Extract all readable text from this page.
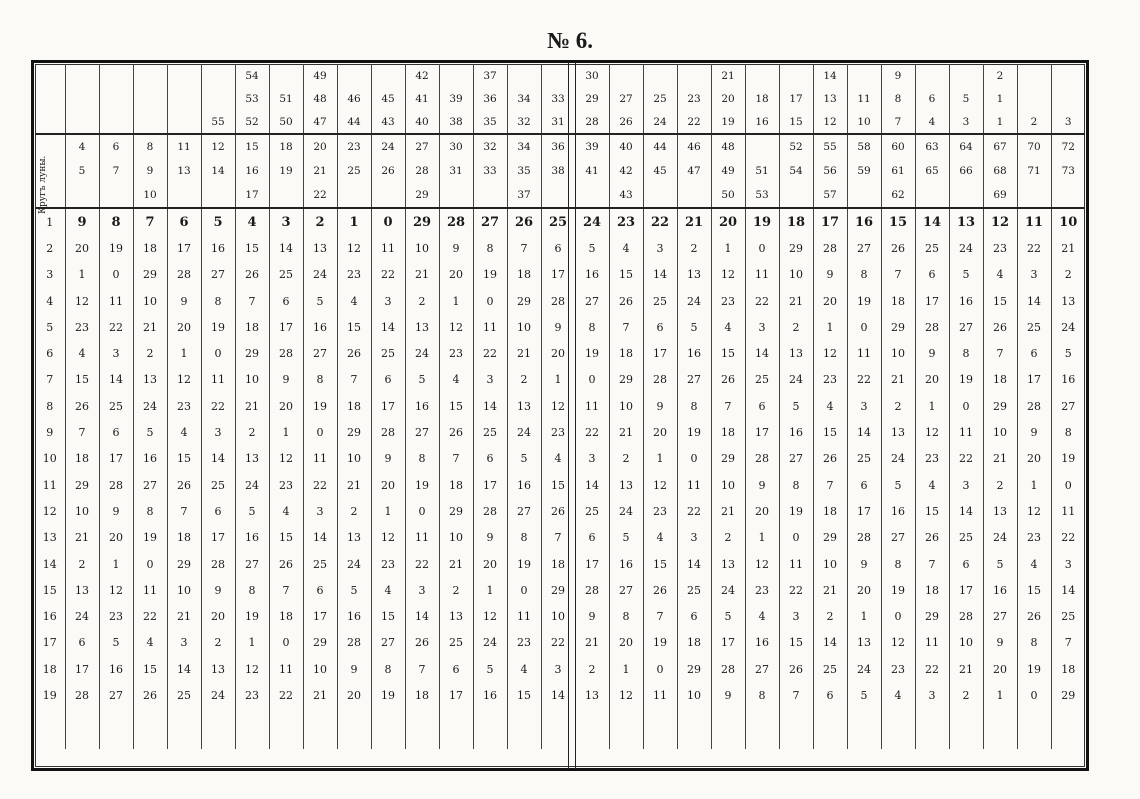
№ 6.
						54		49			42		37			30				21			14		9			2		
						53	51	48	46	45	41	39	36	34	33	29	27	25	23	20	18	17	13	11	8	6	5	1		
					55	52	50	47	44	43	40	38	35	32	31	28	26	24	22	19	16	15	12	10	7	4	3	1	2	3
	4	6	8	11	12	15	18	20	23	24	27	30	32	34	36	39	40	44	46	48		52	55	58	60	63	64	67	70	72
	5	7	9	13	14	16	19	21	25	26	28	31	33	35	38	41	42	45	47	49	51	54	56	59	61	65	66	68	71	73
			10			17		22			29			37			43			50	53		57		62			69		
1	9	8	7	6	5	4	3	2	1	0	29	28	27	26	25	24	23	22	21	20	19	18	17	16	15	14	13	12	11	10
2	20	19	18	17	16	15	14	13	12	11	10	9	8	7	6	5	4	3	2	1	0	29	28	27	26	25	24	23	22	21
3	1	0	29	28	27	26	25	24	23	22	21	20	19	18	17	16	15	14	13	12	11	10	9	8	7	6	5	4	3	2
4	12	11	10	9	8	7	6	5	4	3	2	1	0	29	28	27	26	25	24	23	22	21	20	19	18	17	16	15	14	13
5	23	22	21	20	19	18	17	16	15	14	13	12	11	10	9	8	7	6	5	4	3	2	1	0	29	28	27	26	25	24
6	4	3	2	1	0	29	28	27	26	25	24	23	22	21	20	19	18	17	16	15	14	13	12	11	10	9	8	7	6	5
7	15	14	13	12	11	10	9	8	7	6	5	4	3	2	1	0	29	28	27	26	25	24	23	22	21	20	19	18	17	16
8	26	25	24	23	22	21	20	19	18	17	16	15	14	13	12	11	10	9	8	7	6	5	4	3	2	1	0	29	28	27
9	7	6	5	4	3	2	1	0	29	28	27	26	25	24	23	22	21	20	19	18	17	16	15	14	13	12	11	10	9	8
10	18	17	16	15	14	13	12	11	10	9	8	7	6	5	4	3	2	1	0	29	28	27	26	25	24	23	22	21	20	19
11	29	28	27	26	25	24	23	22	21	20	19	18	17	16	15	14	13	12	11	10	9	8	7	6	5	4	3	2	1	0
12	10	9	8	7	6	5	4	3	2	1	0	29	28	27	26	25	24	23	22	21	20	19	18	17	16	15	14	13	12	11
13	21	20	19	18	17	16	15	14	13	12	11	10	9	8	7	6	5	4	3	2	1	0	29	28	27	26	25	24	23	22
14	2	1	0	29	28	27	26	25	24	23	22	21	20	19	18	17	16	15	14	13	12	11	10	9	8	7	6	5	4	3
15	13	12	11	10	9	8	7	6	5	4	3	2	1	0	29	28	27	26	25	24	23	22	21	20	19	18	17	16	15	14
16	24	23	22	21	20	19	18	17	16	15	14	13	12	11	10	9	8	7	6	5	4	3	2	1	0	29	28	27	26	25
17	6	5	4	3	2	1	0	29	28	27	26	25	24	23	22	21	20	19	18	17	16	15	14	13	12	11	10	9	8	7
18	17	16	15	14	13	12	11	10	9	8	7	6	5	4	3	2	1	0	29	28	27	26	25	24	23	22	21	20	19	18
19	28	27	26	25	24	23	22	21	20	19	18	17	16	15	14	13	12	11	10	9	8	7	6	5	4	3	2	1	0	29

Кругъ луны.
